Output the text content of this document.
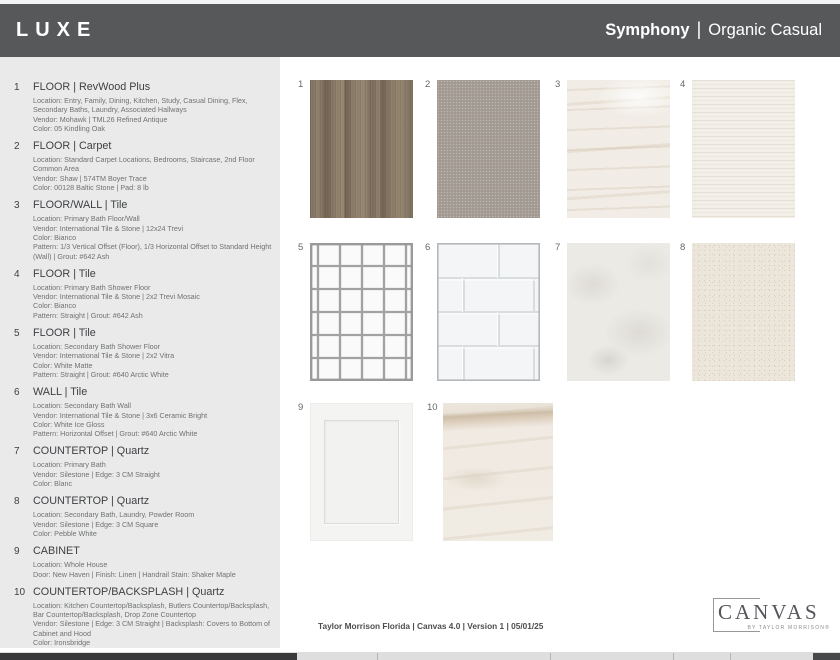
LUXE	Symphony | Organic Casual
1	FLOOR | RevWood Plus
Location: Entry, Family, Dining, Kitchen, Study, Casual Dining, Flex, Secondary Baths, Laundry, Associated Hallways
Vendor: Mohawk | TML26 Refined Antique
Color: 05 Kindling Oak
2	FLOOR | Carpet
Location: Standard Carpet Locations, Bedrooms, Staircase, 2nd Floor Common Area
Vendor: Shaw | 574TM Boyer Trace
Color: 00128 Baltic Stone | Pad: 8 lb
3	FLOOR/WALL | Tile
Location: Primary Bath Floor/Wall
Vendor: International Tile & Stone | 12x24 Trevi
Color: Bianco
Pattern: 1/3 Vertical Offset (Floor), 1/3 Horizontal Offset to Standard Height (Wall) | Grout: #642 Ash
4	FLOOR | Tile
Location: Primary Bath Shower Floor
Vendor: International Tile & Stone | 2x2 Trevi Mosaic
Color: Bianco
Pattern: Straight | Grout: #642 Ash
5	FLOOR | Tile
Location: Secondary Bath Shower Floor
Vendor: International Tile & Stone | 2x2 Vitra
Color: White Matte
Pattern: Straight | Grout: #640 Arctic White
6	WALL | Tile
Location: Secondary Bath Wall
Vendor: International Tile & Stone | 3x6 Ceramic Bright
Color: White Ice Gloss
Pattern: Horizontal Offset | Grout: #640 Arctic White
7	COUNTERTOP | Quartz
Location: Primary Bath
Vendor: Silestone | Edge: 3 CM Straight
Color: Blanc
8	COUNTERTOP | Quartz
Location: Secondary Bath, Laundry, Powder Room
Vendor: Silestone | Edge: 3 CM Square
Color: Pebble White
9	CABINET
Location: Whole House
Door: New Haven | Finish: Linen | Handrail Stain: Shaker Maple
10 COUNTERTOP/BACKSPLASH | Quartz
Location: Kitchen Countertop/Backsplash, Butlers Countertop/Backsplash, Bar Countertop/Backsplash, Drop Zone Countertop
Vendor: Silestone | Edge: 3 CM Straight | Backsplash: Covers to Bottom of Cabinet and Hood
Color: Ironsbridge
1	2	3	4
5	6	7	8
9	10
Taylor Morrison Florida | Canvas 4.0 | Version 1 | 05/01/25
CANVAS
BY TAYLOR MORRISON®
